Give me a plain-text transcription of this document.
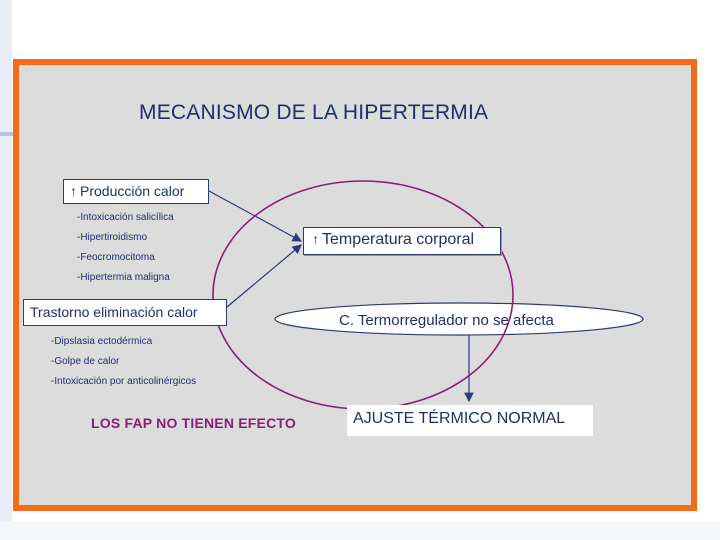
MECANISMO DE LA HIPERTERMIA
↑ Producción calor
-Intoxicación salicílica
-Hipertiroidismo
-Feocromocitoma
-Hipertermia maligna
↑ Temperatura corporal
Trastorno eliminación calor
-Dipslasia ectodérmica
-Golpe de calor
-Intoxicación por anticolinérgicos
C. Termorregulador no se afecta
LOS FAP NO TIENEN EFECTO	AJUSTE TÉRMICO NORMAL
